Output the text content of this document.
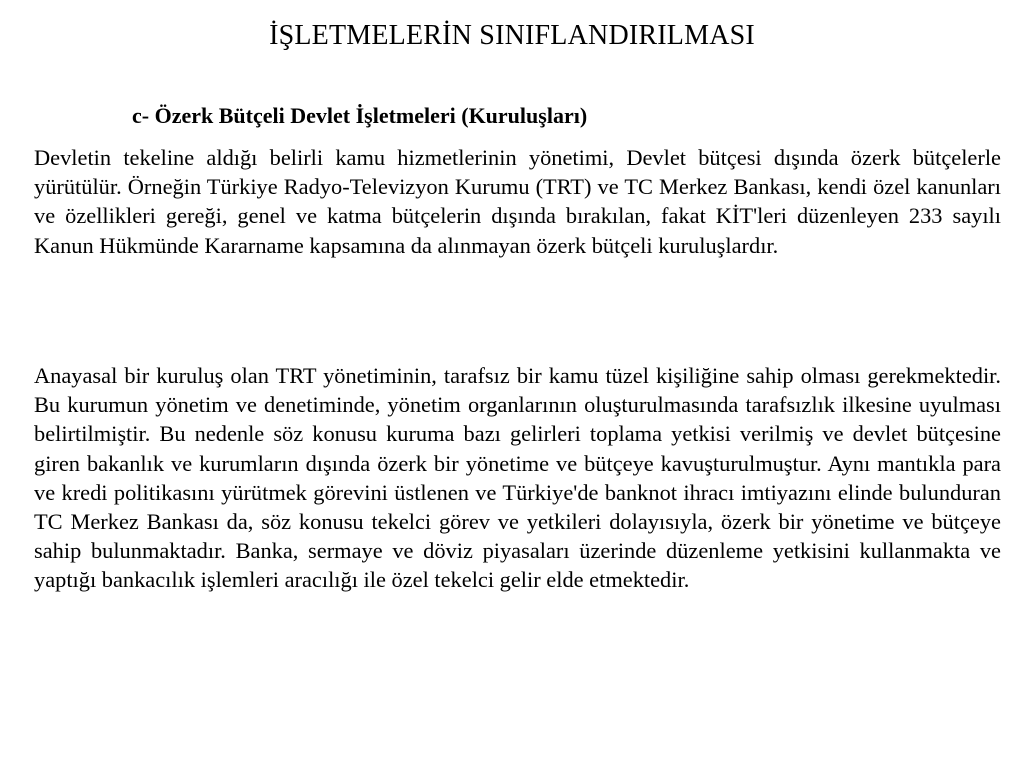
İŞLETMELERİN SINIFLANDIRILMASI
c- Özerk Bütçeli Devlet İşletmeleri (Kuruluşları)

Devletin tekeline aldığı belirli kamu hizmetlerinin yönetimi, Devlet bütçesi dışında özerk bütçelerle yürütülür. Örneğin Türkiye Radyo-Televizyon Kurumu (TRT) ve TC Merkez Bankası, kendi özel kanunları ve özellikleri gereği, genel ve katma bütçelerin dışında bırakılan, fakat KİT'leri düzenleyen 233 sayılı Kanun Hükmünde Kararname kapsamına da alınmayan özerk bütçeli kuruluşlardır.

Anayasal bir kuruluş olan TRT yönetiminin, tarafsız bir kamu tüzel kişiliğine sahip olması gerekmektedir. Bu kurumun yönetim ve denetiminde, yönetim organlarının oluşturulmasında tarafsızlık ilkesine uyulması belirtilmiştir. Bu nedenle söz konusu kuruma bazı gelirleri toplama yetkisi verilmiş ve devlet bütçesine giren bakanlık ve kurumların dışında özerk bir yönetime ve bütçeye kavuşturulmuştur. Aynı mantıkla para ve kredi politikasını yürütmek görevini üstlenen ve Türkiye'de banknot ihracı imtiyazını elinde bulunduran TC Merkez Bankası da, söz konusu tekelci görev ve yetkileri dolayısıyla, özerk bir yönetime ve bütçeye sahip bulunmaktadır. Banka, sermaye ve döviz piyasaları üzerinde düzenleme yetkisini kullanmakta ve yaptığı bankacılık işlemleri aracılığı ile özel tekelci gelir elde etmektedir.
